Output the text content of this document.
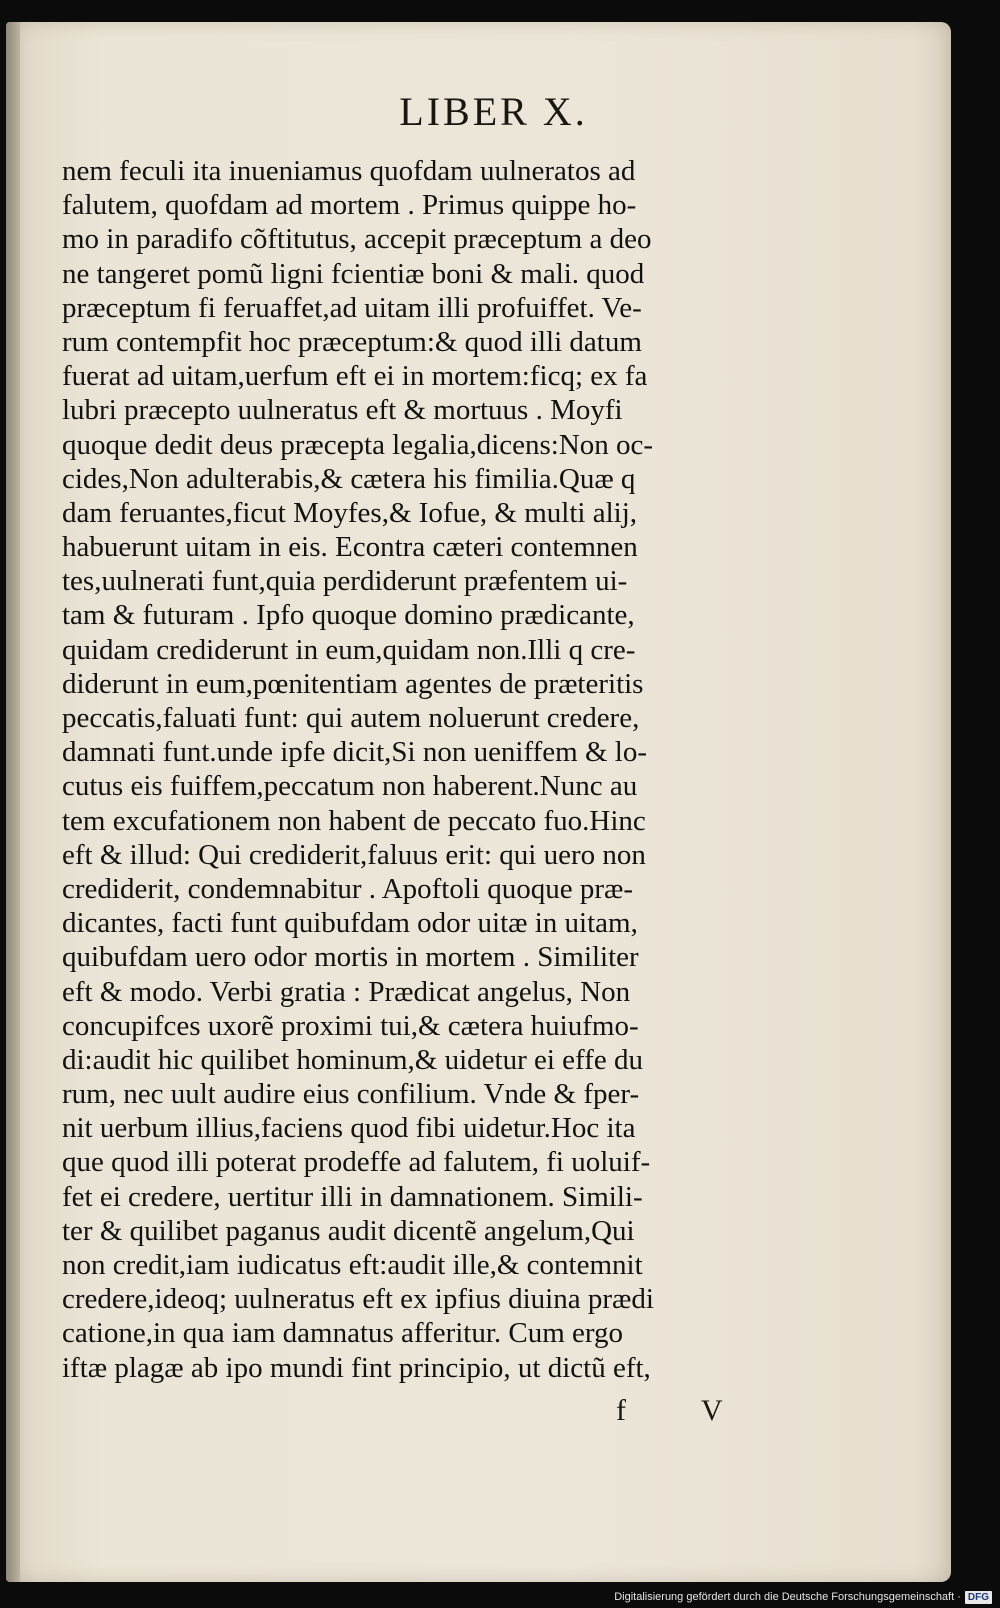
LIBER X.
nem feculi ita inueniamus quofdam uulneratos ad
falutem, quofdam ad mortem . Primus quippe ho-
mo in paradifo cõftitutus, accepit præceptum a deo
ne tangeret pomũ ligni fcientiæ boni & mali. quod
præceptum fi feruaffet,ad uitam illi profuiffet. Ve-
rum contempfit hoc præceptum:& quod illi datum
fuerat ad uitam,uerfum eft ei in mortem:ficq; ex fa
lubri præcepto uulneratus eft & mortuus . Moyfi
quoque dedit deus præcepta legalia,dicens:Non oc-
cides,Non adulterabis,& cætera his fimilia.Quæ q
dam feruantes,ficut Moyfes,& Iofue, & multi alij,
habuerunt uitam in eis. Econtra cæteri contemnen
tes,uulnerati funt,quia perdiderunt præfentem ui-
tam & futuram . Ipfo quoque domino prædicante,
quidam crediderunt in eum,quidam non.Illi q cre-
diderunt in eum,pœnitentiam agentes de præteritis
peccatis,faluati funt: qui autem noluerunt credere,
damnati funt.unde ipfe dicit,Si non ueniffem & lo-
cutus eis fuiffem,peccatum non haberent.Nunc au
tem excufationem non habent de peccato fuo.Hinc
eft & illud: Qui crediderit,faluus erit: qui uero non
crediderit, condemnabitur . Apoftoli quoque præ-
dicantes, facti funt quibufdam odor uitæ in uitam,
quibufdam uero odor mortis in mortem . Similiter
eft & modo. Verbi gratia : Prædicat angelus, Non
concupifces uxorẽ proximi tui,& cætera huiufmo-
di:audit hic quilibet hominum,& uidetur ei effe du
rum, nec uult audire eius confilium. Vnde & fper-
nit uerbum illius,faciens quod fibi uidetur.Hoc ita
que quod illi poterat prodeffe ad falutem, fi uoluif-
fet ei credere, uertitur illi in damnationem. Simili-
ter & quilibet paganus audit dicentẽ angelum,Qui
non credit,iam iudicatus eft:audit ille,& contemnit
credere,ideoq; uulneratus eft ex ipfius diuina prædi
catione,in qua iam damnatus afferitur. Cum ergo
iftæ plagæ ab ipo mundi fint principio, ut dictũ eft,
f V
Digitalisierung gefördert durch die Deutsche Forschungsgemeinschaft · DFG
